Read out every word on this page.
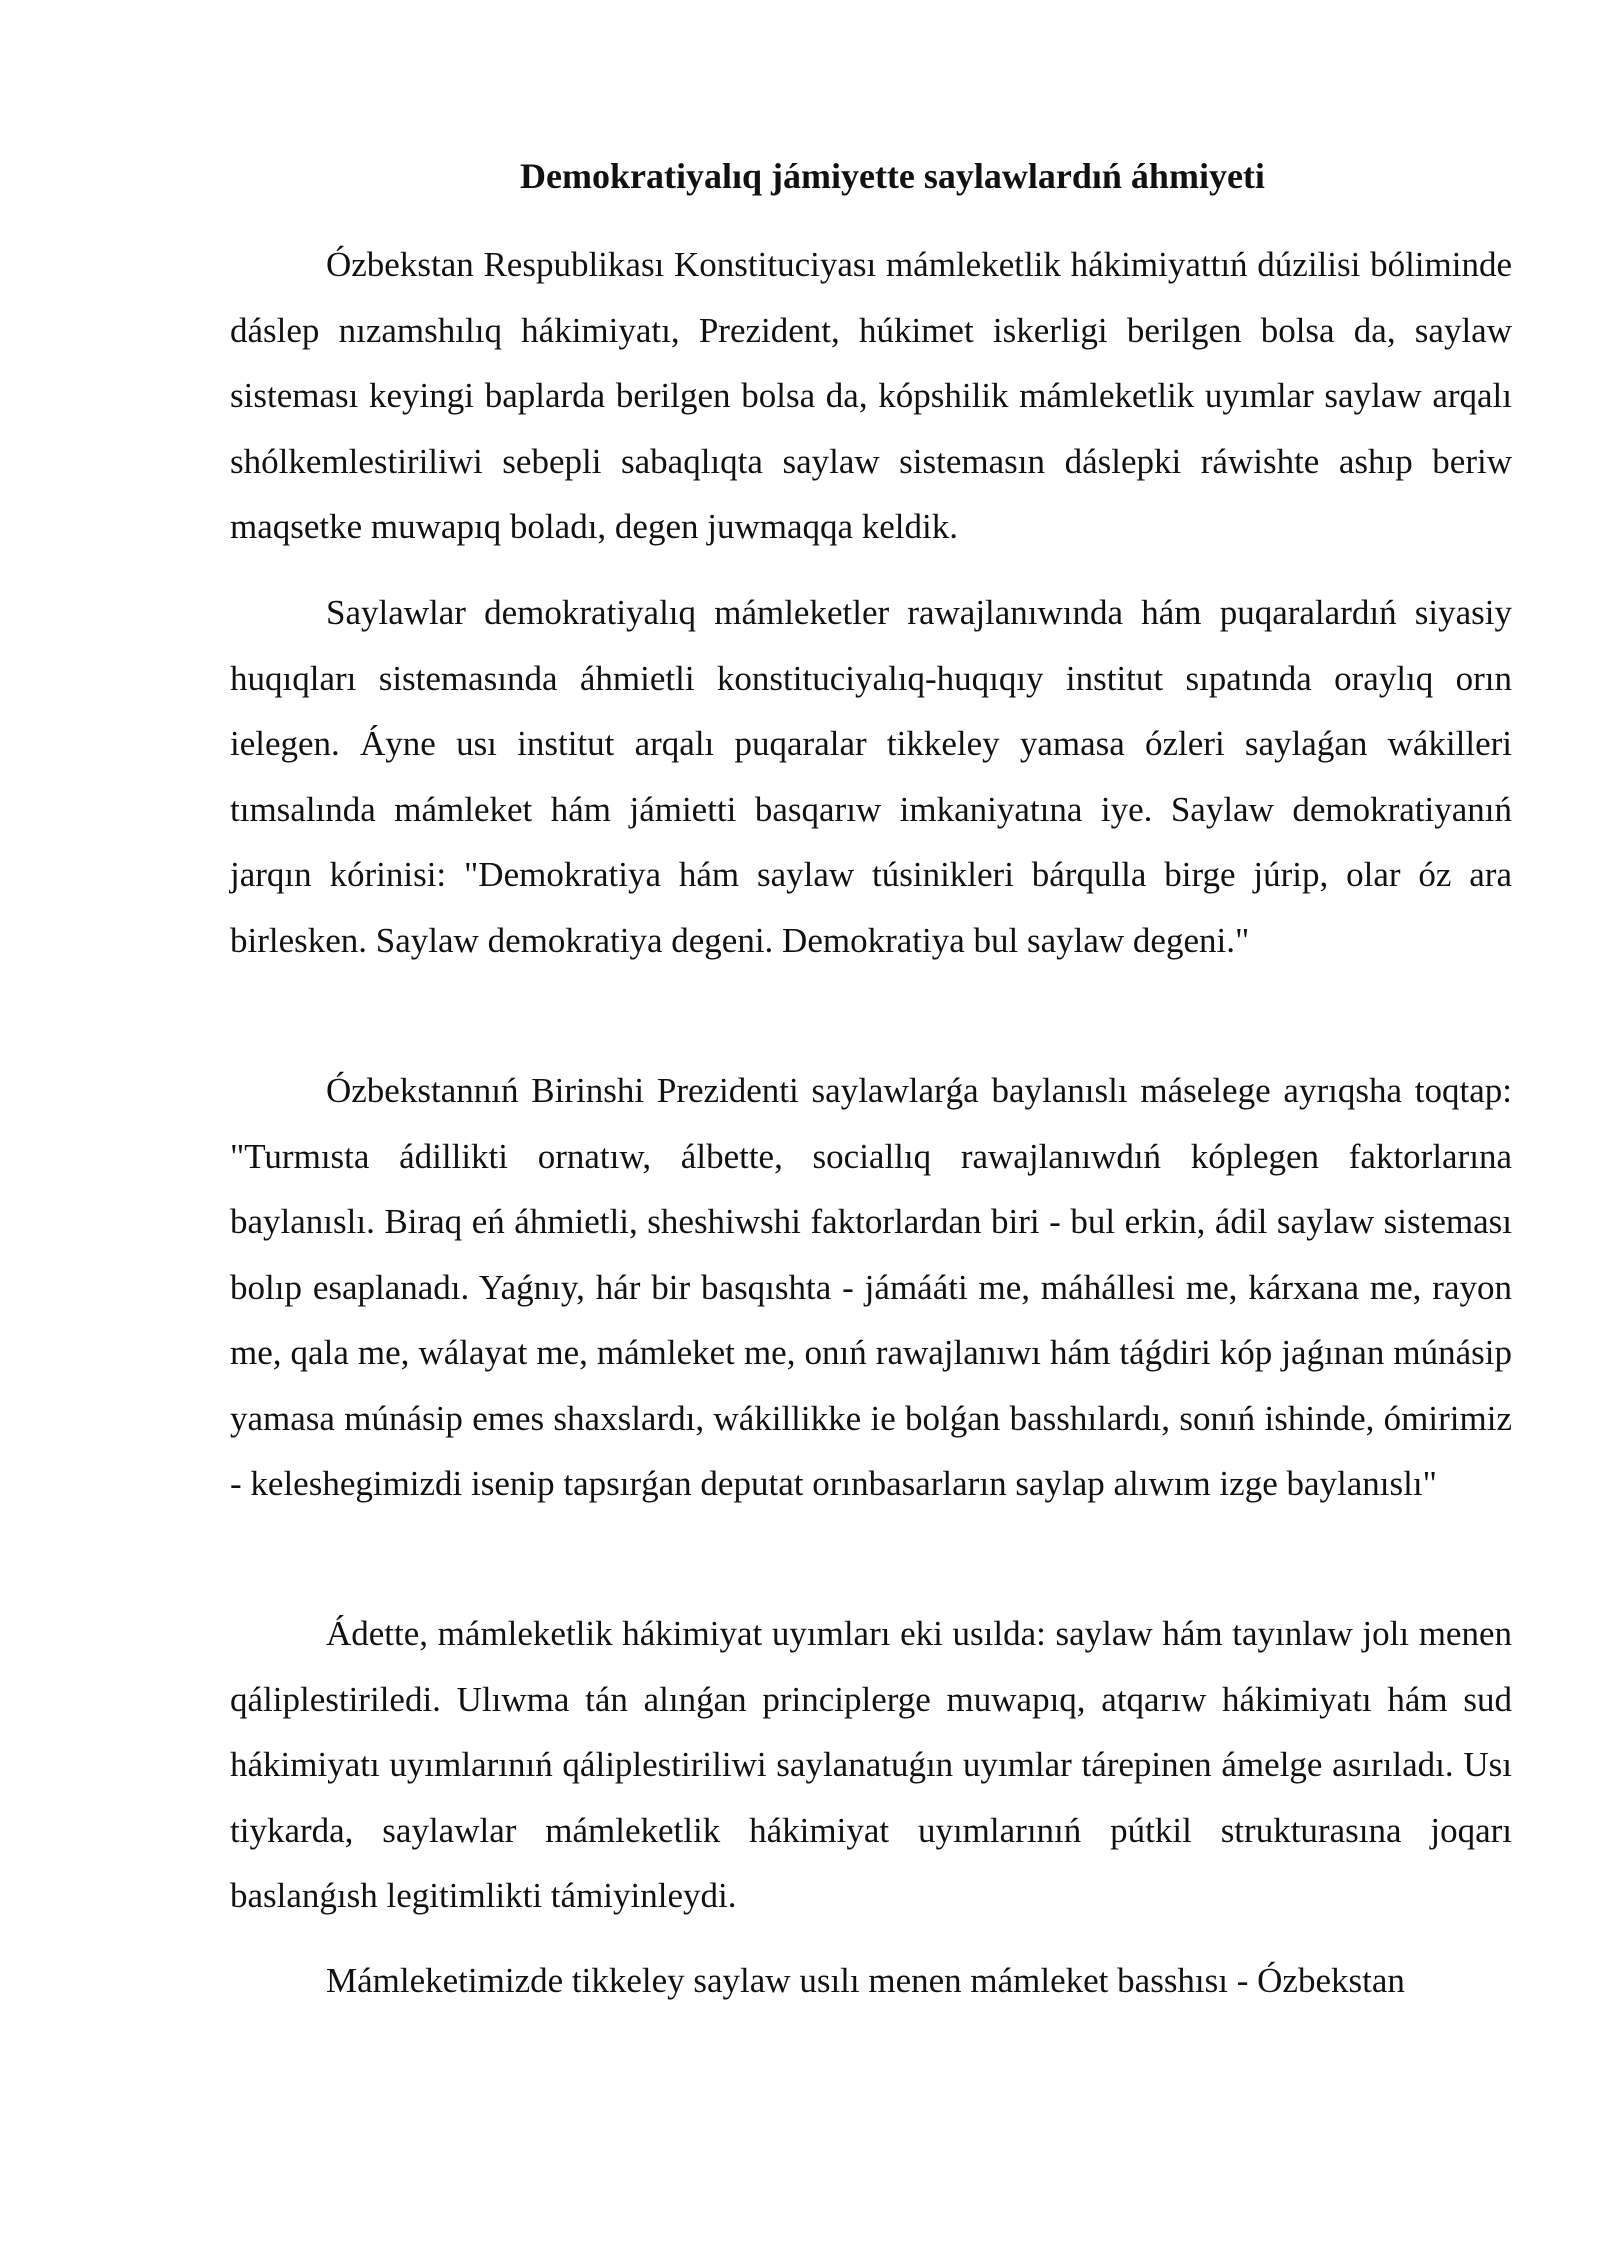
Demokratiyalıq jámiyette saylawlardıń áhmiyeti

Ózbekstan Respublikası Konstituciyası mámleketlik hákimiyattıń dúzilisi bóliminde dáslep nızamshılıq hákimiyatı, Prezident, húkimet iskerligi berilgen bolsa da, saylaw sisteması keyingi baplarda berilgen bolsa da, kópshilik mámleketlik uyımlar saylaw arqalı shólkemlestiriliwi sebepli sabaqlıqta saylaw sistemasın dáslepki ráwishte ashıp beriw maqsetke muwapıq boladı, degen juwmaqqa keldik.

Saylawlar demokratiyalıq mámleketler rawajlanıwında hám puqaralardıń siyasiy huqıqları sistemasında áhmietli konstituciyalıq-huqıqıy institut sıpatında oraylıq orın ielegen. Áyne usı institut arqalı puqaralar tikkeley yamasa ózleri saylaǵan wákilleri tımsalında mámleket hám jámietti basqarıw imkaniyatına iye. Saylaw demokratiyanıń jarqın kórinisi: "Demokratiya hám saylaw túsinikleri bárqulla birge júrip, olar óz ara birlesken. Saylaw demokratiya degeni. Demokratiya bul saylaw degeni."

Ózbekstannıń Birinshi Prezidenti saylawlarǵa baylanıslı máselege ayrıqsha toqtap: "Turmısta ádillikti ornatıw, álbette, sociallıq rawajlanıwdıń kóplegen faktorlarına baylanıslı. Biraq eń áhmietli, sheshiwshi faktorlardan biri - bul erkin, ádil saylaw sisteması bolıp esaplanadı. Yaǵnıy, hár bir basqıshta - jámááti me, máhállesi me, kárxana me, rayon me, qala me, wálayat me, mámleket me, onıń rawajlanıwı hám táǵdiri kóp jaǵınan múnásip yamasa múnásip emes shaxslardı, wákillikke ie bolǵan basshılardı, sonıń ishinde, ómirimiz - keleshegimizdi isenip tapsırǵan deputat orınbasarların saylap alıwım izge baylanıslı"

Ádette, mámleketlik hákimiyat uyımları eki usılda: saylaw hám tayınlaw jolı menen qáliplestiriledi. Ulıwma tán alınǵan principlerge muwapıq, atqarıw hákimiyatı hám sud hákimiyatı uyımlarınıń qáliplestiriliwi saylanatuǵın uyımlar tárepinen ámelge asırıladı. Usı tiykarda, saylawlar mámleketlik hákimiyat uyımlarınıń pútkil strukturasına joqarı baslanǵısh legitimlikti támiyinleydi.

Mámleketimizde tikkeley saylaw usılı menen mámleket basshısı - Ózbekstan
